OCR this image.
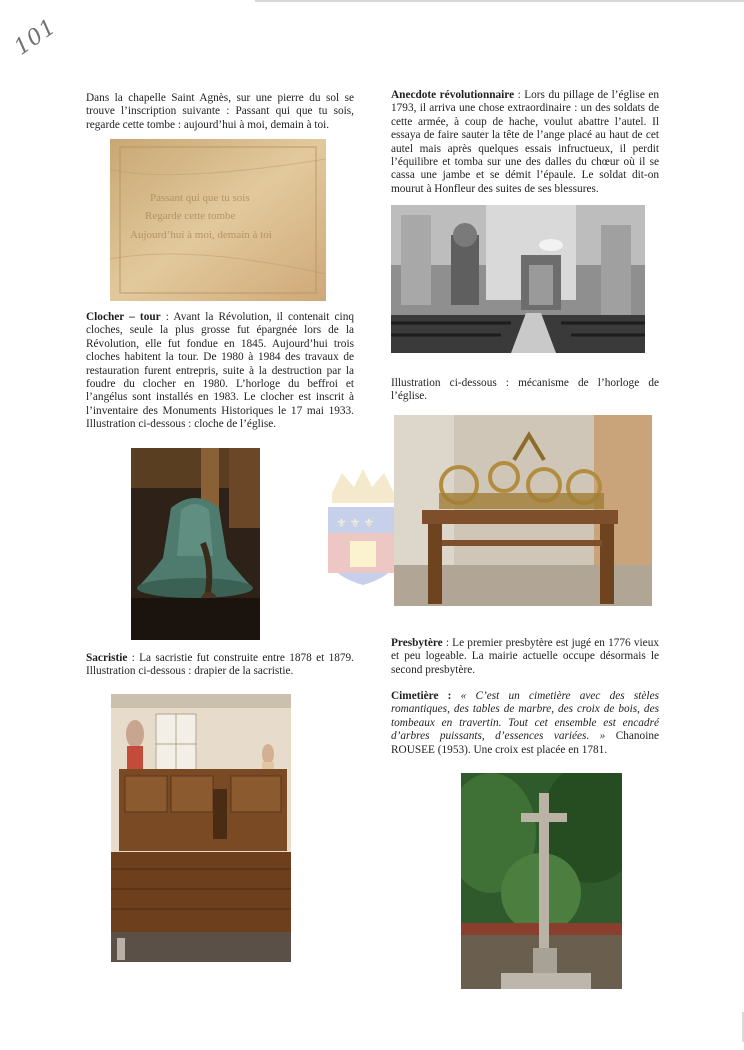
101

Dans la chapelle Saint Agnès, sur une pierre du sol se trouve l’inscription suivante : Passant qui que tu sois, regarde cette tombe : aujourd’hui à moi, demain à toi.

Passant qui que tu sois
Regarde cette tombe
Aujourd’hui à moi, demain à toi

Clocher – tour : Avant la Révolution, il contenait cinq cloches, seule la plus grosse fut épargnée lors de la Révolution, elle fut fondue en 1845. Aujourd’hui trois cloches habitent la tour. De 1980 à 1984 des travaux de restauration furent entrepris, suite à la destruction par la foudre du clocher en 1980. L’horloge du beffroi et l’angélus sont installés en 1983. Le clocher est inscrit à l’inventaire des Monuments Historiques le 17 mai 1933. Illustration ci-dessous : cloche de l’église.

Sacristie : La sacristie fut construite entre 1878 et 1879. Illustration ci-dessous : drapier de la sacristie.

Anecdote révolutionnaire : Lors du pillage de l’église en 1793, il arriva une chose extraordinaire : un des soldats de cette armée, à coup de hache, voulut abattre l’autel. Il essaya de faire sauter la tête de l’ange placé au haut de cet autel mais après quelques essais infructueux, il perdit l’équilibre et tomba sur une des dalles du chœur où il se cassa une jambe et se démit l’épaule. Le soldat dit-on mourut à Honfleur des suites de ses blessures.

Illustration ci-dessous : mécanisme de l’horloge de l’église.

⚜ ⚜ ⚜

Presbytère : Le premier presbytère est jugé en 1776 vieux et peu logeable. La mairie actuelle occupe désormais le second presbytère.

Cimetière : « C’est un cimetière avec des stèles romantiques, des tables de marbre, des croix de bois, des tombeaux en travertin. Tout cet ensemble est encadré d’arbres puissants, d’essences variées. » Chanoine ROUSEE (1953). Une croix est placée en 1781.
